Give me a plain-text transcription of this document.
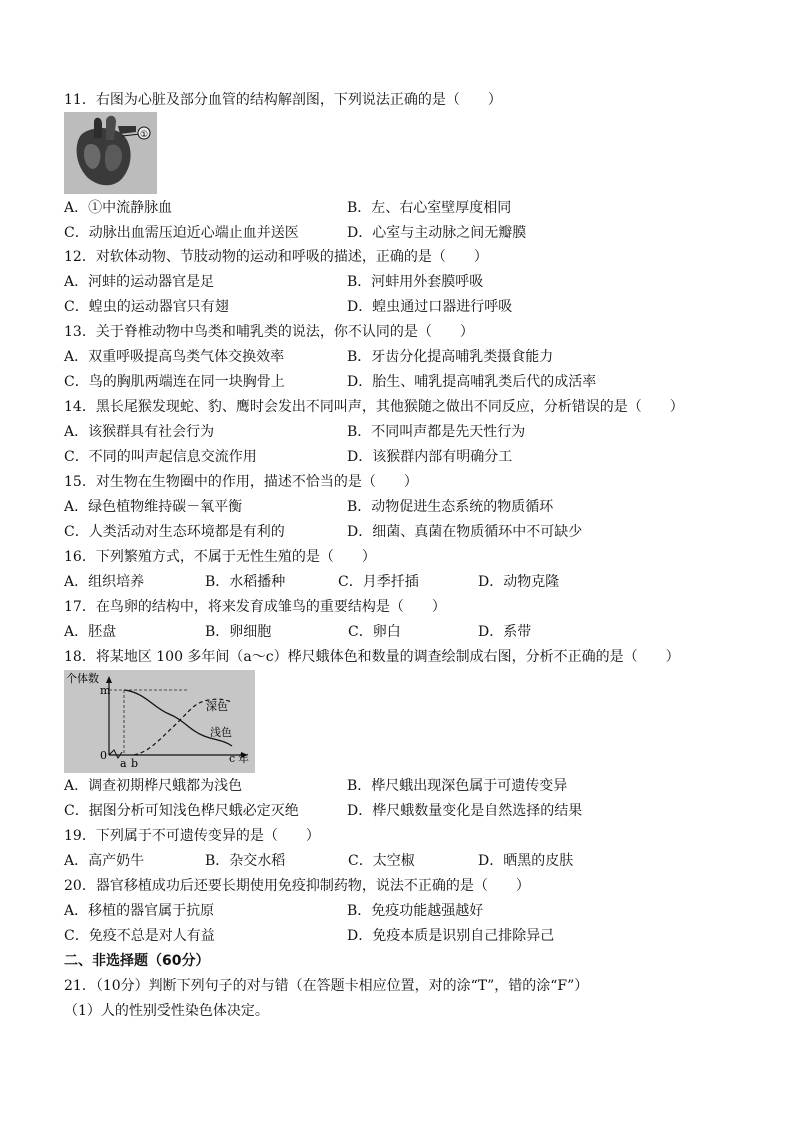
11．右图为心脏及部分血管的结构解剖图，下列说法正确的是（　　）
①
A．①中流静脉血	B．左、右心室壁厚度相同
C．动脉出血需压迫近心端止血并送医	D．心室与主动脉之间无瓣膜
12．对软体动物、节肢动物的运动和呼吸的描述，正确的是（　　）
A．河蚌的运动器官是足	B．河蚌用外套膜呼吸
C．蝗虫的运动器官只有翅	D．蝗虫通过口器进行呼吸
13．关于脊椎动物中鸟类和哺乳类的说法，你不认同的是（　　）
A．双重呼吸提高鸟类气体交换效率	B．牙齿分化提高哺乳类摄食能力
C．鸟的胸肌两端连在同一块胸骨上	D．胎生、哺乳提高哺乳类后代的成活率
14．黑长尾猴发现蛇、豹、鹰时会发出不同叫声，其他猴随之做出不同反应，分析错误的是（　　）
A．该猴群具有社会行为	B．不同叫声都是先天性行为
C．不同的叫声起信息交流作用	D．该猴群内部有明确分工
15．对生物在生物圈中的作用，描述不恰当的是（　　）
A．绿色植物维持碳－氧平衡	B．动物促进生态系统的物质循环
C．人类活动对生态环境都是有利的	D．细菌、真菌在物质循环中不可缺少
16．下列繁殖方式，不属于无性生殖的是（　　）
A．组织培养	B．水稻播种	C．月季扦插	D．动物克隆
17．在鸟卵的结构中，将来发育成雏鸟的重要结构是（　　）
A．胚盘	B．卵细胞	C．卵白	D．系带
18．将某地区 100 多年间（a～c）桦尺蛾体色和数量的调查绘制成右图，分析不正确的是（　　）
个体数
m
0
a b	c 年
深色
浅色
A．调查初期桦尺蛾都为浅色	B．桦尺蛾出现深色属于可遗传变异
C．据图分析可知浅色桦尺蛾必定灭绝	D．桦尺蛾数量变化是自然选择的结果
19．下列属于不可遗传变异的是（　　）
A．高产奶牛	B．杂交水稻	C．太空椒	D．晒黑的皮肤
20．器官移植成功后还要长期使用免疫抑制药物，说法不正确的是（　　）
A．移植的器官属于抗原	B．免疫功能越强越好
C．免疫不总是对人有益	D．免疫本质是识别自己排除异己
二、非选择题（60分）
21．（10分）判断下列句子的对与错（在答题卡相应位置，对的涂“T”，错的涂“F”）
（1）人的性别受性染色体决定。
